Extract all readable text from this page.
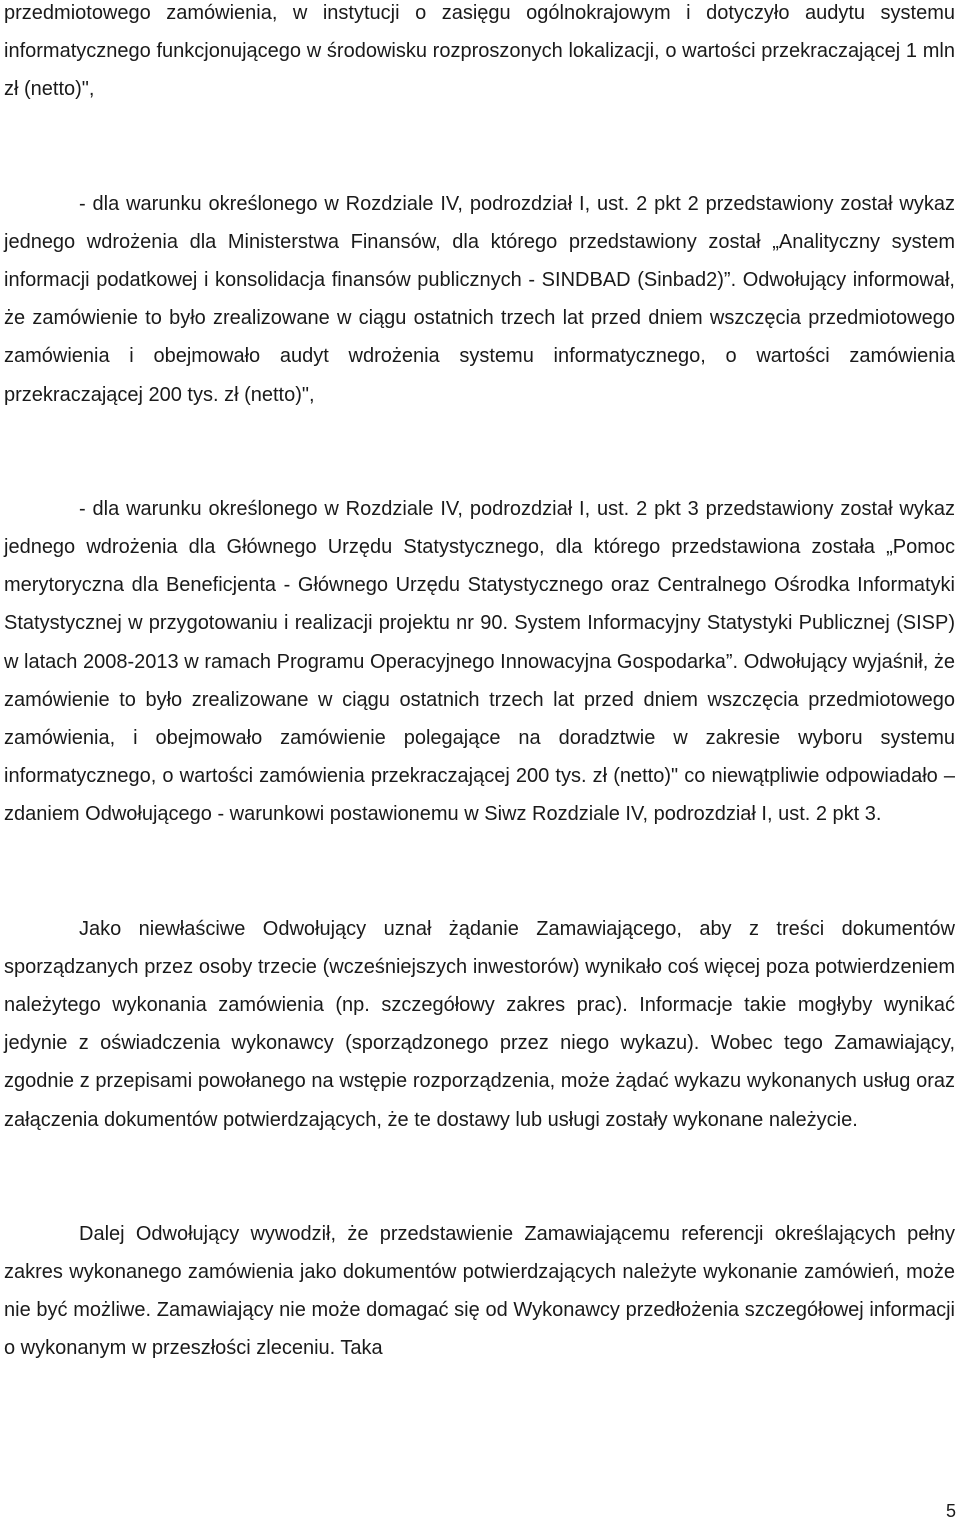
przedmiotowego zamówienia, w instytucji o zasięgu ogólnokrajowym i dotyczyło audytu systemu informatycznego funkcjonującego w środowisku rozproszonych lokalizacji, o wartości przekraczającej 1 mln zł (netto)",

- dla warunku określonego w Rozdziale IV, podrozdział I, ust. 2 pkt 2 przedstawiony został wykaz jednego wdrożenia dla Ministerstwa Finansów, dla którego przedstawiony został „Analityczny system informacji podatkowej i konsolidacja finansów publicznych - SINDBAD (Sinbad2)”. Odwołujący informował, że zamówienie to było zrealizowane w ciągu ostatnich trzech lat przed dniem wszczęcia przedmiotowego zamówienia i obejmowało audyt wdrożenia systemu informatycznego, o wartości zamówienia przekraczającej 200 tys. zł (netto)",

- dla warunku określonego w Rozdziale IV, podrozdział I, ust. 2 pkt 3 przedstawiony został wykaz jednego wdrożenia dla Głównego Urzędu Statystycznego, dla którego przedstawiona została „Pomoc merytoryczna dla Beneficjenta - Głównego Urzędu Statystycznego oraz Centralnego Ośrodka Informatyki Statystycznej w przygotowaniu i realizacji projektu nr 90. System Informacyjny Statystyki Publicznej (SISP) w latach 2008-2013 w ramach Programu Operacyjnego Innowacyjna Gospodarka”. Odwołujący wyjaśnił, że zamówienie to było zrealizowane w ciągu ostatnich trzech lat przed dniem wszczęcia przedmiotowego zamówienia, i obejmowało zamówienie polegające na doradztwie w zakresie wyboru systemu informatycznego, o wartości zamówienia przekraczającej 200 tys. zł (netto)" co niewątpliwie odpowiadało – zdaniem Odwołującego - warunkowi postawionemu w Siwz Rozdziale IV, podrozdział I, ust. 2 pkt 3.

Jako niewłaściwe Odwołujący uznał żądanie Zamawiającego, aby z treści dokumentów sporządzanych przez osoby trzecie (wcześniejszych inwestorów) wynikało coś więcej poza potwierdzeniem należytego wykonania zamówienia (np. szczegółowy zakres prac). Informacje takie mogłyby wynikać jedynie z oświadczenia wykonawcy (sporządzonego przez niego wykazu). Wobec tego Zamawiający, zgodnie z przepisami powołanego na wstępie rozporządzenia, może żądać wykazu wykonanych usług oraz załączenia dokumentów potwierdzających, że te dostawy lub usługi zostały wykonane należycie.

Dalej Odwołujący wywodził, że przedstawienie Zamawiającemu referencji określających pełny zakres wykonanego zamówienia jako dokumentów potwierdzających należyte wykonanie zamówień, może nie być możliwe. Zamawiający nie może domagać się od Wykonawcy przedłożenia szczegółowej informacji o wykonanym w przeszłości zleceniu. Taka

5
